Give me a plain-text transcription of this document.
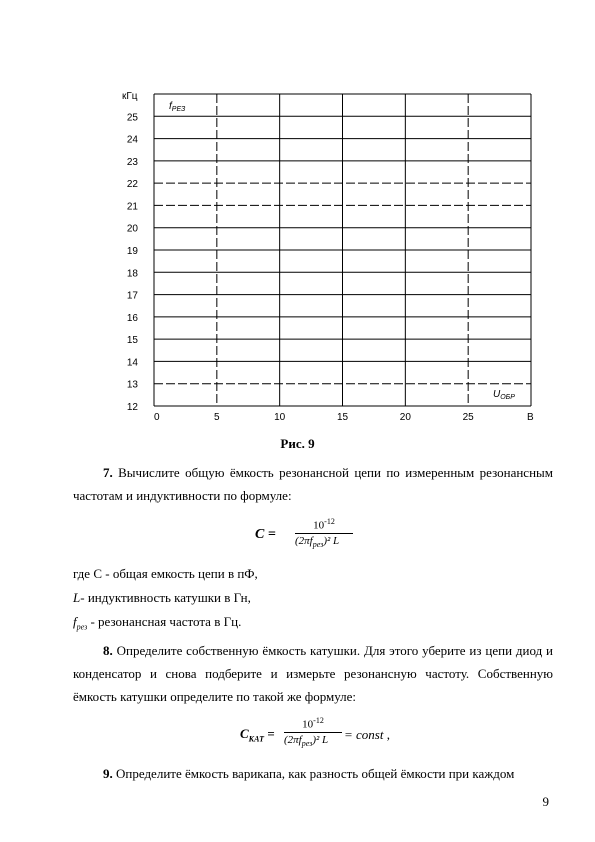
12
13
14
15
16
17
18
19
20
21
22
23
24
25
0	5	10	15	20	25
кГц
$f_{РЕЗ}$
$U_{ОБР}$
В
Рис. 9
7. Вычислите общую ёмкость резонансной цепи по измеренным резонансным частотам и индуктивности по формуле:
C =
$10^{-12}$
$(2\pi f_{рез})^2$ L
где С - общая емкость цепи в пФ,
L- индуктивность катушки в Гн,
$f_{рез}$ - резонансная частота в Гц.
8. Определите собственную ёмкость катушки. Для этого уберите из цепи диод и конденсатор и снова подберите и измерьте резонансную частоту. Собственную ёмкость катушки определите по такой же формуле:
$C_{КАТ}$ =
$10^{-12}$
$(2\pi f_{рез})^2$ L = const ,
9. Определите ёмкость варикапа, как разность общей ёмкости при каждом
9
